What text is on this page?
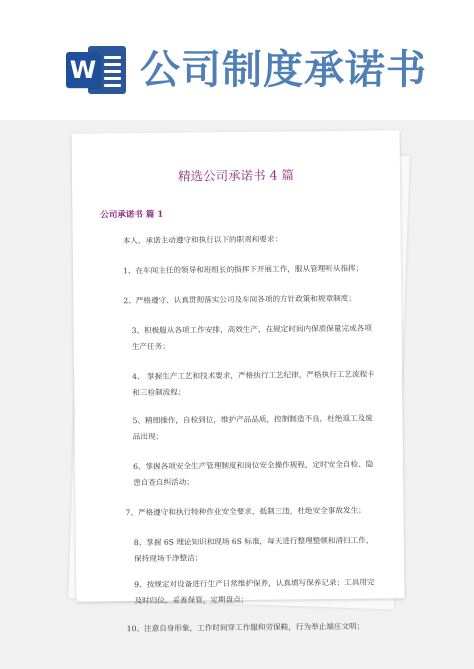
W 公司制度承诺书
精选公司承诺书 4 篇
公司承诺书 篇 1
本人，承诺主动遵守和执行以下的职责和要求：
1、在车间主任的领导和班组长的指挥下开展工作，服从管理听从指挥；
2、严格遵守、认真贯彻落实公司及车间各项的方针政策和规章制度；
3、积极服从各项工作安排，高效生产，在规定时间内保质保量完成各项生产任务；
4、 掌握生产工艺和技术要求，严格执行工艺纪律，严格执行工艺流程卡和三检制流程；
5、精细操作，自检到位，维护产品品质，控制制造不良，杜绝返工及废品出现；
6、掌握各项安全生产管理制度和岗位安全操作规程，定时安全自检、隐患自查自纠活动；
7、严格遵守和执行特种作业安全要求，抵制三违，杜绝安全事故发生；
8、掌握 6S 理论知识和现场 6S 标准，每天进行整理整顿和清扫工作，保持现场干净整洁；
9、按规定对设备进行生产日常维护保养，认真填写保养记录；工具用完及时归位，妥善保管，定期盘点；
10、注意自身形象，工作时间穿工作服和劳保鞋，行为举止端庄文明；
